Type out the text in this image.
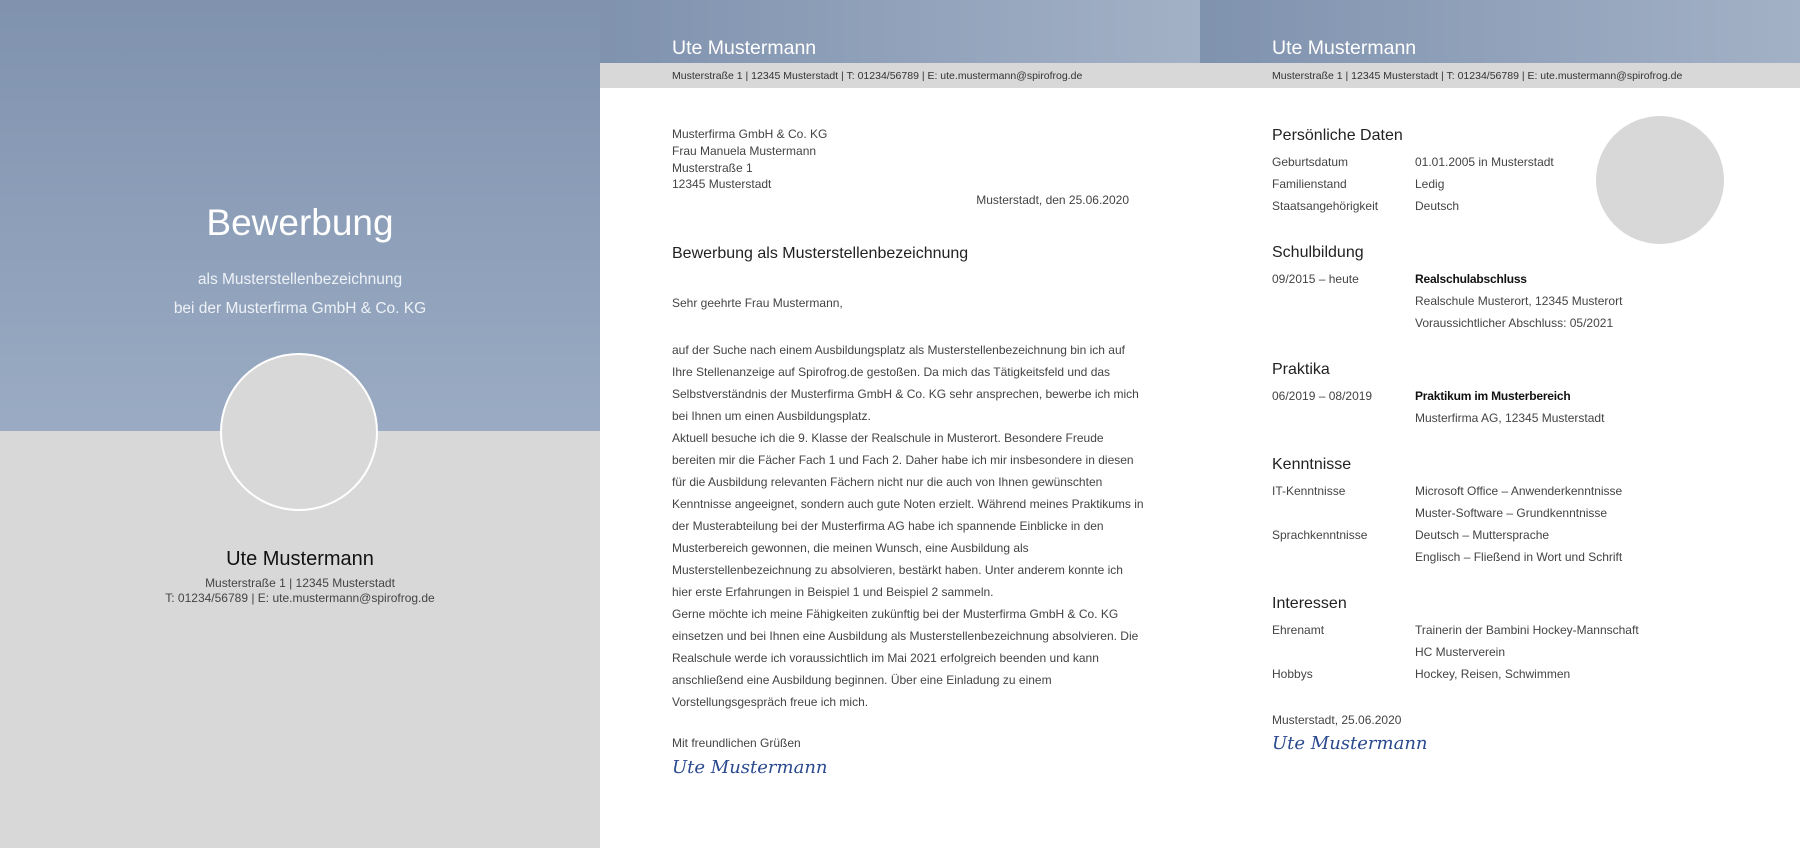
Bewerbung
als Musterstellenbezeichnung
bei der Musterfirma GmbH & Co. KG
Ute Mustermann
Musterstraße 1 | 12345 Musterstadt
T: 01234/56789 | E: ute.mustermann@spirofrog.de
Ute Mustermann
Musterstraße 1 | 12345 Musterstadt | T: 01234/56789 | E: ute.mustermann@spirofrog.de
Musterfirma GmbH & Co. KG
Frau Manuela Mustermann
Musterstraße 1
12345 Musterstadt
Musterstadt, den 25.06.2020
Bewerbung als Musterstellenbezeichnung
Sehr geehrte Frau Mustermann,

auf der Suche nach einem Ausbildungsplatz als Musterstellenbezeichnung bin ich auf

Ihre Stellenanzeige auf Spirofrog.de gestoßen. Da mich das Tätigkeitsfeld und das

Selbstverständnis der Musterfirma GmbH & Co. KG sehr ansprechen, bewerbe ich mich

bei Ihnen um einen Ausbildungsplatz.

Aktuell besuche ich die 9. Klasse der Realschule in Musterort. Besondere Freude

bereiten mir die Fächer Fach 1 und Fach 2. Daher habe ich mir insbesondere in diesen

für die Ausbildung relevanten Fächern nicht nur die auch von Ihnen gewünschten

Kenntnisse angeeignet, sondern auch gute Noten erzielt. Während meines Praktikums in

der Musterabteilung bei der Musterfirma AG habe ich spannende Einblicke in den

Musterbereich gewonnen, die meinen Wunsch, eine Ausbildung als

Musterstellenbezeichnung zu absolvieren, bestärkt haben. Unter anderem konnte ich

hier erste Erfahrungen in Beispiel 1 und Beispiel 2 sammeln.

Gerne möchte ich meine Fähigkeiten zukünftig bei der Musterfirma GmbH & Co. KG

einsetzen und bei Ihnen eine Ausbildung als Musterstellenbezeichnung absolvieren. Die

Realschule werde ich voraussichtlich im Mai 2021 erfolgreich beenden und kann

anschließend eine Ausbildung beginnen. Über eine Einladung zu einem

Vorstellungsgespräch freue ich mich.

Mit freundlichen Grüßen
Ute Mustermann
Ute Mustermann
Musterstraße 1 | 12345 Musterstadt | T: 01234/56789 | E: ute.mustermann@spirofrog.de
Persönliche Daten
Geburtsdatum	01.01.2005 in Musterstadt
Familienstand	Ledig
Staatsangehörigkeit	Deutsch
Schulbildung
09/2015 – heute	Realschulabschluss
Realschule Musterort, 12345 Musterort
Voraussichtlicher Abschluss: 05/2021
Praktika
06/2019 – 08/2019	Praktikum im Musterbereich
Musterfirma AG, 12345 Musterstadt
Kenntnisse
IT-Kenntnisse	Microsoft Office – Anwenderkenntnisse
Muster-Software – Grundkenntnisse
Sprachkenntnisse	Deutsch – Muttersprache
Englisch – Fließend in Wort und Schrift
Interessen
Ehrenamt	Trainerin der Bambini Hockey-Mannschaft
HC Musterverein
Hobbys	Hockey, Reisen, Schwimmen
Musterstadt, 25.06.2020
Ute Mustermann
